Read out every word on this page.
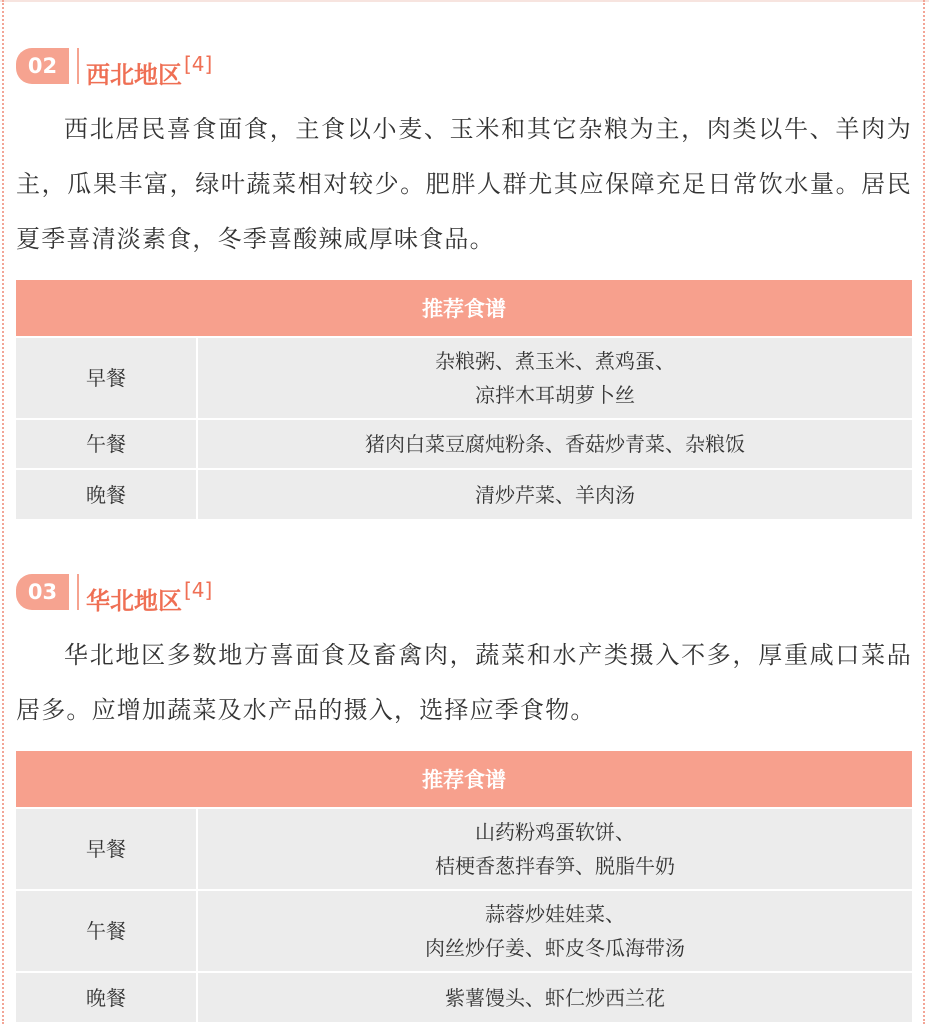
02	西北地区 [4]

西北居民喜食面食，主食以小麦、玉米和其它杂粮为主，肉类以牛、羊肉为主，瓜果丰富，绿叶蔬菜相对较少。肥胖人群尤其应保障充足日常饮水量。居民夏季喜清淡素食，冬季喜酸辣咸厚味食品。

推荐食谱	
早餐	杂粮粥、煮玉米、煮鸡蛋、
凉拌木耳胡萝卜丝
午餐	猪肉白菜豆腐炖粉条、香菇炒青菜、杂粮饭
晚餐	清炒芹菜、羊肉汤
03	华北地区 [4]

华北地区多数地方喜面食及畜禽肉，蔬菜和水产类摄入不多，厚重咸口菜品居多。应增加蔬菜及水产品的摄入，选择应季食物。

推荐食谱	
早餐	山药粉鸡蛋软饼、
桔梗香葱拌春笋、脱脂牛奶
午餐	蒜蓉炒娃娃菜、
肉丝炒仔姜、虾皮冬瓜海带汤
晚餐	紫薯馒头、虾仁炒西兰花
